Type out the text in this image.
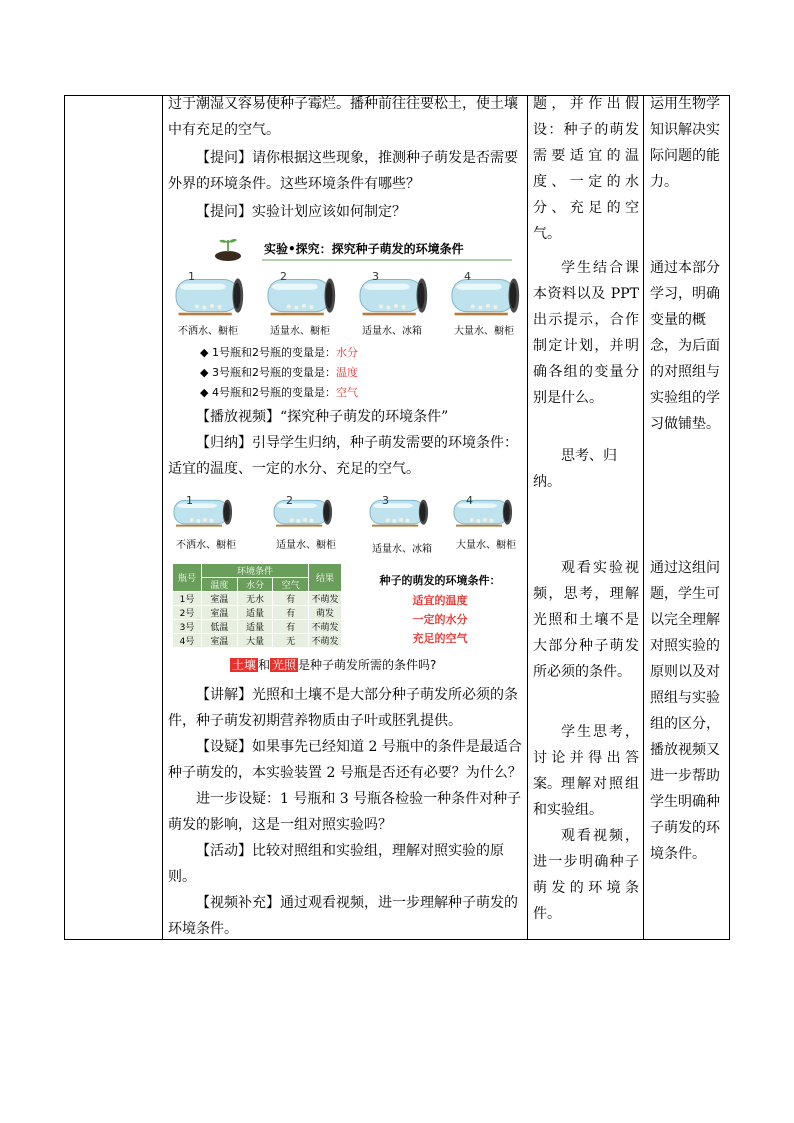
过于潮湿又容易使种子霉烂。播种前往往要松土，使土壤中有充足的空气。

【提问】请你根据这些现象，推测种子萌发是否需要外界的环境条件。这些环境条件有哪些？

【提问】实验计划应该如何制定？

实验•探究：探究种子萌发的环境条件
1
不洒水、橱柜
2
适量水、橱柜
3
适量水、冰箱
4
大量水、橱柜
◆ 1号瓶和2号瓶的变量是：水分
◆ 3号瓶和2号瓶的变量是：温度
◆ 4号瓶和2号瓶的变量是：空气

【播放视频】“探究种子萌发的环境条件”

【归纳】引导学生归纳，种子萌发需要的环境条件：适宜的温度、一定的水分、充足的空气。

1
不洒水、橱柜
2
适量水、橱柜
3
适量水、冰箱
4
大量水、橱柜
瓶号	环境条件			结果
	温度	水分	空气	
1号	室温	无水	有	不萌发
2号	室温	适量	有	萌发
3号	低温	适量	有	不萌发
4号	室温	大量	无	不萌发
种子的萌发的环境条件：
适宜的温度
一定的水分
充足的空气
土壤 和 光照 是种子萌发所需的条件吗?

【讲解】光照和土壤不是大部分种子萌发所必须的条件，种子萌发初期营养物质由子叶或胚乳提供。

【设疑】如果事先已经知道 2 号瓶中的条件是最适合种子萌发的，本实验装置 2 号瓶是否还有必要？为什么？

进一步设疑：1 号瓶和 3 号瓶各检验一种条件对种子萌发的影响，这是一组对照实验吗？

【活动】比较对照组和实验组，理解对照实验的原则。

【视频补充】通过观看视频，进一步理解种子萌发的环境条件。

题，并作出假设：种子的萌发需要适宜的温度、一定的水分、充足的空气。

学生结合课本资料以及 PPT 出示提示，合作制定计划，并明确各组的变量分别是什么。

思考、归纳。

观看实验视频，思考，理解光照和土壤不是大部分种子萌发所必须的条件。

学生思考，讨论并得出答案。 理解对照组和实验组。

观看视频，进一步明确种子萌发的环境条件。

运用生物学知识解决实际问题的能力。

通过本部分学习，明确变量的概念，为后面的对照组与实验组的学习做铺垫。

通过这组问题，学生可以完全理解对照实验的原则以及对照组与实验组的区分，播放视频又进一步帮助学生明确种子萌发的环境条件。
